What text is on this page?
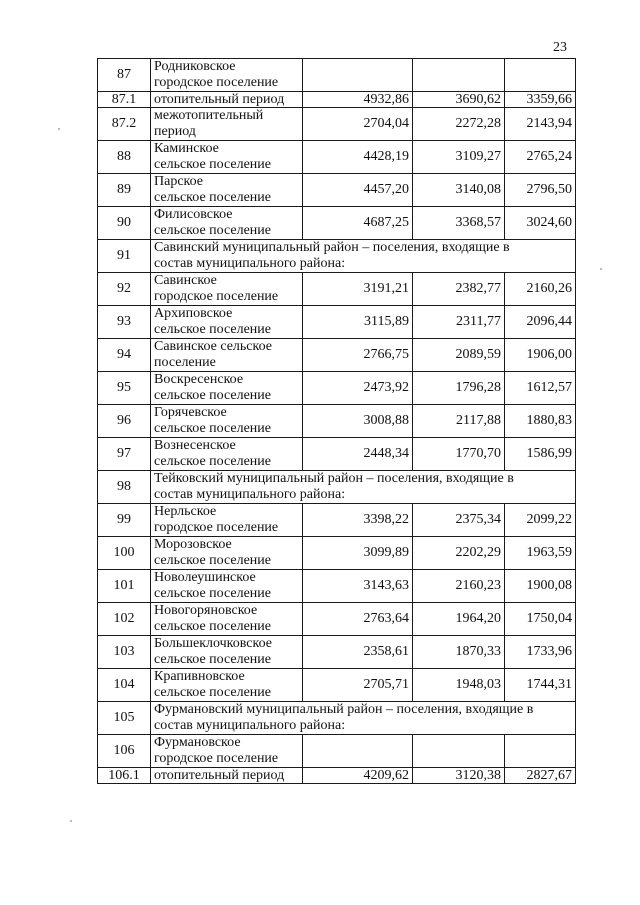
23
87	Родниковское
городское поселение			

87.1	отопительный период	4932,86	3690,62	3359,66
87.2	межотопительный
период	2704,04	2272,28	2143,94
88	Каминское
сельское поселение	4428,19	3109,27	2765,24
89	Парское
сельское поселение	4457,20	3140,08	2796,50
90	Филисовское
сельское поселение	4687,25	3368,57	3024,60
91	Савинский муниципальный район – поселения, входящие в
состав муниципального района:			

92	Савинское
городское поселение	3191,21	2382,77	2160,26
93	Архиповское
сельское поселение	3115,89	2311,77	2096,44
94	Савинское сельское
поселение	2766,75	2089,59	1906,00
95	Воскресенское
сельское поселение	2473,92	1796,28	1612,57
96	Горячевское
сельское поселение	3008,88	2117,88	1880,83
97	Вознесенское
сельское поселение	2448,34	1770,70	1586,99
98	Тейковский муниципальный район – поселения, входящие в
состав муниципального района:			

99	Нерльское
городское поселение	3398,22	2375,34	2099,22
100	Морозовское
сельское поселение	3099,89	2202,29	1963,59
101	Новолеушинское
сельское поселение	3143,63	2160,23	1900,08
102	Новогоряновское
сельское поселение	2763,64	1964,20	1750,04
103	Большеклочковское
сельское поселение	2358,61	1870,33	1733,96
104	Крапивновское
сельское поселение	2705,71	1948,03	1744,31
105	Фурмановский муниципальный район – поселения, входящие в
состав муниципального района:			

106	Фурмановское
городское поселение			

106.1	отопительный период	4209,62	3120,38	2827,67
